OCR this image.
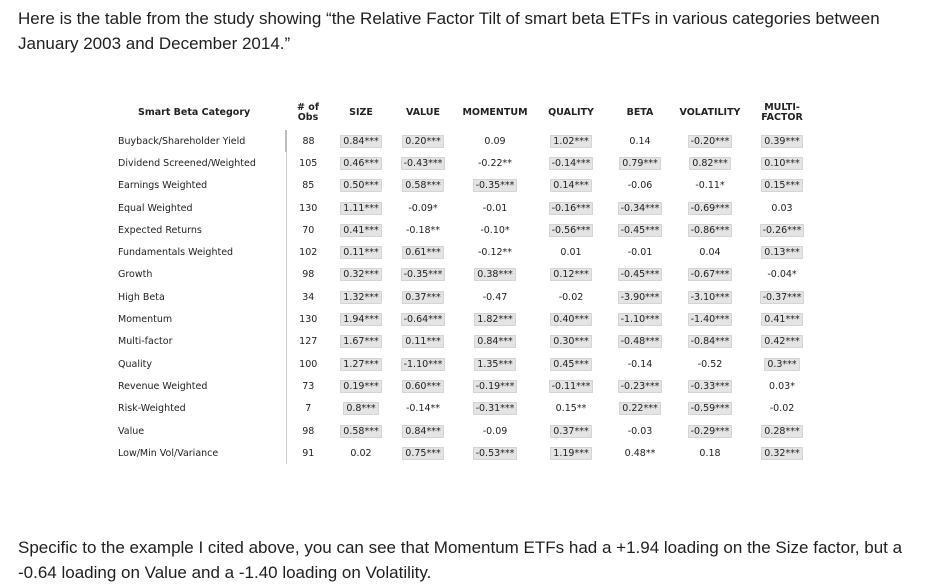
Here is the table from the study showing “the Relative Factor Tilt of smart beta ETFs in various categories between January 2003 and December 2014.”
Smart Beta Category	# of Obs	SIZE	VALUE	MOMENTUM	QUALITY	BETA	VOLATILITY	MULTI-FACTOR
Buyback/Shareholder Yield	88	0.84***	0.20***	0.09	1.02***	0.14	-0.20***	0.39***
Dividend Screened/Weighted	105	0.46***	-0.43***	-0.22**	-0.14***	0.79***	0.82***	0.10***
Earnings Weighted	85	0.50***	0.58***	-0.35***	0.14***	-0.06	-0.11*	0.15***
Equal Weighted	130	1.11***	-0.09*	-0.01	-0.16***	-0.34***	-0.69***	0.03
Expected Returns	70	0.41***	-0.18**	-0.10*	-0.56***	-0.45***	-0.86***	-0.26***
Fundamentals Weighted	102	0.11***	0.61***	-0.12**	0.01	-0.01	0.04	0.13***
Growth	98	0.32***	-0.35***	0.38***	0.12***	-0.45***	-0.67***	-0.04*
High Beta	34	1.32***	0.37***	-0.47	-0.02	-3.90***	-3.10***	-0.37***
Momentum	130	1.94***	-0.64***	1.82***	0.40***	-1.10***	-1.40***	0.41***
Multi-factor	127	1.67***	0.11***	0.84***	0.30***	-0.48***	-0.84***	0.42***
Quality	100	1.27***	-1.10***	1.35***	0.45***	-0.14	-0.52	0.3***
Revenue Weighted	73	0.19***	0.60***	-0.19***	-0.11***	-0.23***	-0.33***	0.03*
Risk-Weighted	7	0.8***	-0.14**	-0.31***	0.15**	0.22***	-0.59***	-0.02
Value	98	0.58***	0.84***	-0.09	0.37***	-0.03	-0.29***	0.28***
Low/Min Vol/Variance	91	0.02	0.75***	-0.53***	1.19***	0.48**	0.18	0.32***
Specific to the example I cited above, you can see that Momentum ETFs had a +1.94 loading on the Size factor, but a -0.64 loading on Value and a -1.40 loading on Volatility.
